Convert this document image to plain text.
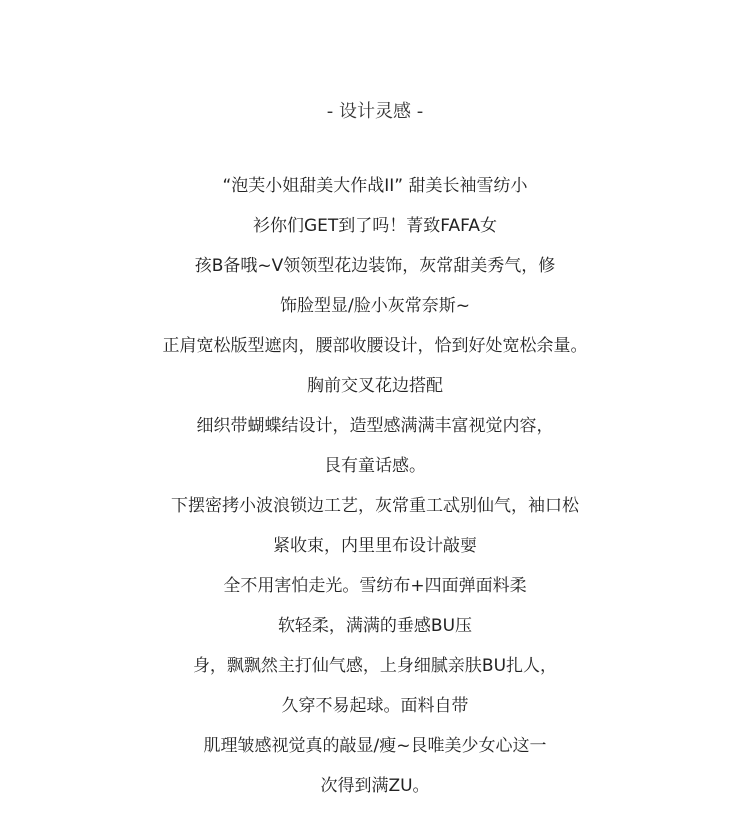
- 设计灵感 -
“泡芙小姐甜美大作战II” 甜美长袖雪纺小
衫你们GET到了吗！菁致FAFA女
孩B备哦~V领领型花边装饰，灰常甜美秀气，修
饰脸型显/脸小灰常奈斯~
正肩宽松版型遮肉，腰部收腰设计，恰到好处宽松余量。
胸前交叉花边搭配
细织带蝴蝶结设计，造型感满满丰富视觉内容，
艮有童话感。
下摆密拷小波浪锁边工艺，灰常重工忒别仙气，袖口松
紧收束，内里里布设计敲婯
全不用害怕走光。雪纺布+四面弹面料柔
软轻柔，满满的垂感BU压
身，飘飘然主打仙气感，上身细腻亲肤BU扎人，
久穿不易起球。面料自带
肌理皱感视觉真的敲显/瘦~艮唯美少女心这一
次得到满ZU。
